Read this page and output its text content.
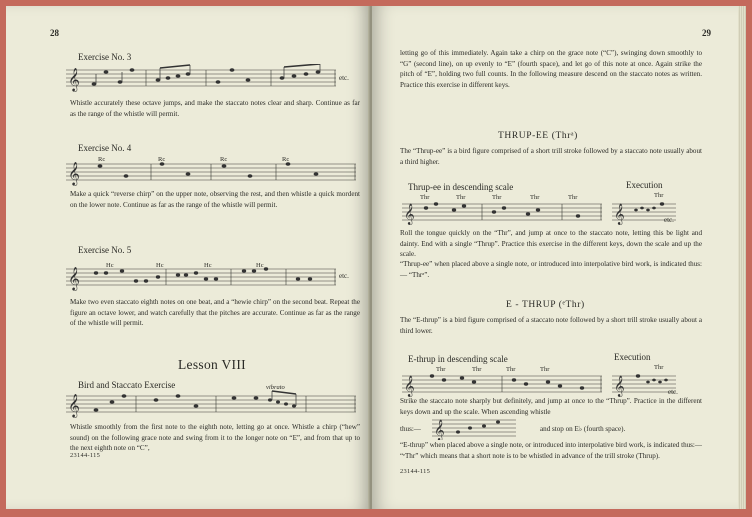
28
Exercise No. 3
𝄞	etc.

Whistle accurately these octave jumps, and make the staccato notes clear and sharp. Continue as far as the range of the whistle will permit.

Exercise No. 4
𝄞
Rc	Rc	Rc	Rc

Make a quick “reverse chirp” on the upper note, observing the rest, and then whistle a quick mordent on the lower note. Continue as far as the range of the whistle will permit.

Exercise No. 5
𝄞
Hc	Hc	Hc	Hc
etc.

Make two even staccato eighth notes on one beat, and a “hewie chirp” on the second beat. Repeat the figure an octave lower, and watch carefully that the pitches are accurate. Continue as far as the range of the whistle will permit.

Lesson VIII
Bird and Staccato Exercise	vibrato
𝄞

Whistle smoothly from the first note to the eighth note, letting go at once. Whistle a chirp (“hew” sound) on the following grace note and swing from it to the longer note on “E”, and from that up to the next eighth note on “C”,

23144-115
29

letting go of this immediately. Again take a chirp on the grace note (“C”), swinging down smoothly to “G” (second line), on up evenly to “E” (fourth space), and let go of this note at once. Again strike the pitch of “E”, holding two full counts. In the following measure descend on the staccato notes as written. Practice this exercise in different keys.

THRUP-EE (Thrᵃ)

The “Thrup-ee” is a bird figure comprised of a short trill stroke followed by a staccato note usually about a third higher.

Thrup-ee in descending scale	Execution
Thr	Thr	Thr	Thr	Thr	Thr
𝄞	𝄞	etc.

Roll the tongue quickly on the “Thr”, and jump at once to the staccato note, letting this be light and dainty. End with a single “Thrup”. Practice this exercise in the different keys, down the scale and up the scale.

“Thrup-ee” when placed above a single note, or introduced into interpolative bird work, is indicated thus:— “Thrᵃ”.

E - THRUP (ᵉThr)

The “E-thrup” is a bird figure comprised of a staccato note followed by a short trill stroke usually about a third lower.

E-thrup in descending scale	Execution
Thr	Thr	Thr	Thr	Thr
𝄞	𝄞	etc.

Strike the staccato note sharply but definitely, and jump at once to the “Thrup”. Practice in the different keys down and up the scale. When ascending whistle

thus:— 𝄞	and stop on E♭ (fourth space).

“E-thrup” when placed above a single note, or introduced into interpolative bird work, is indicated thus:— “ᵉThr” which means that a short note is to be whistled in advance of the trill stroke (Thrup).

23144-115
